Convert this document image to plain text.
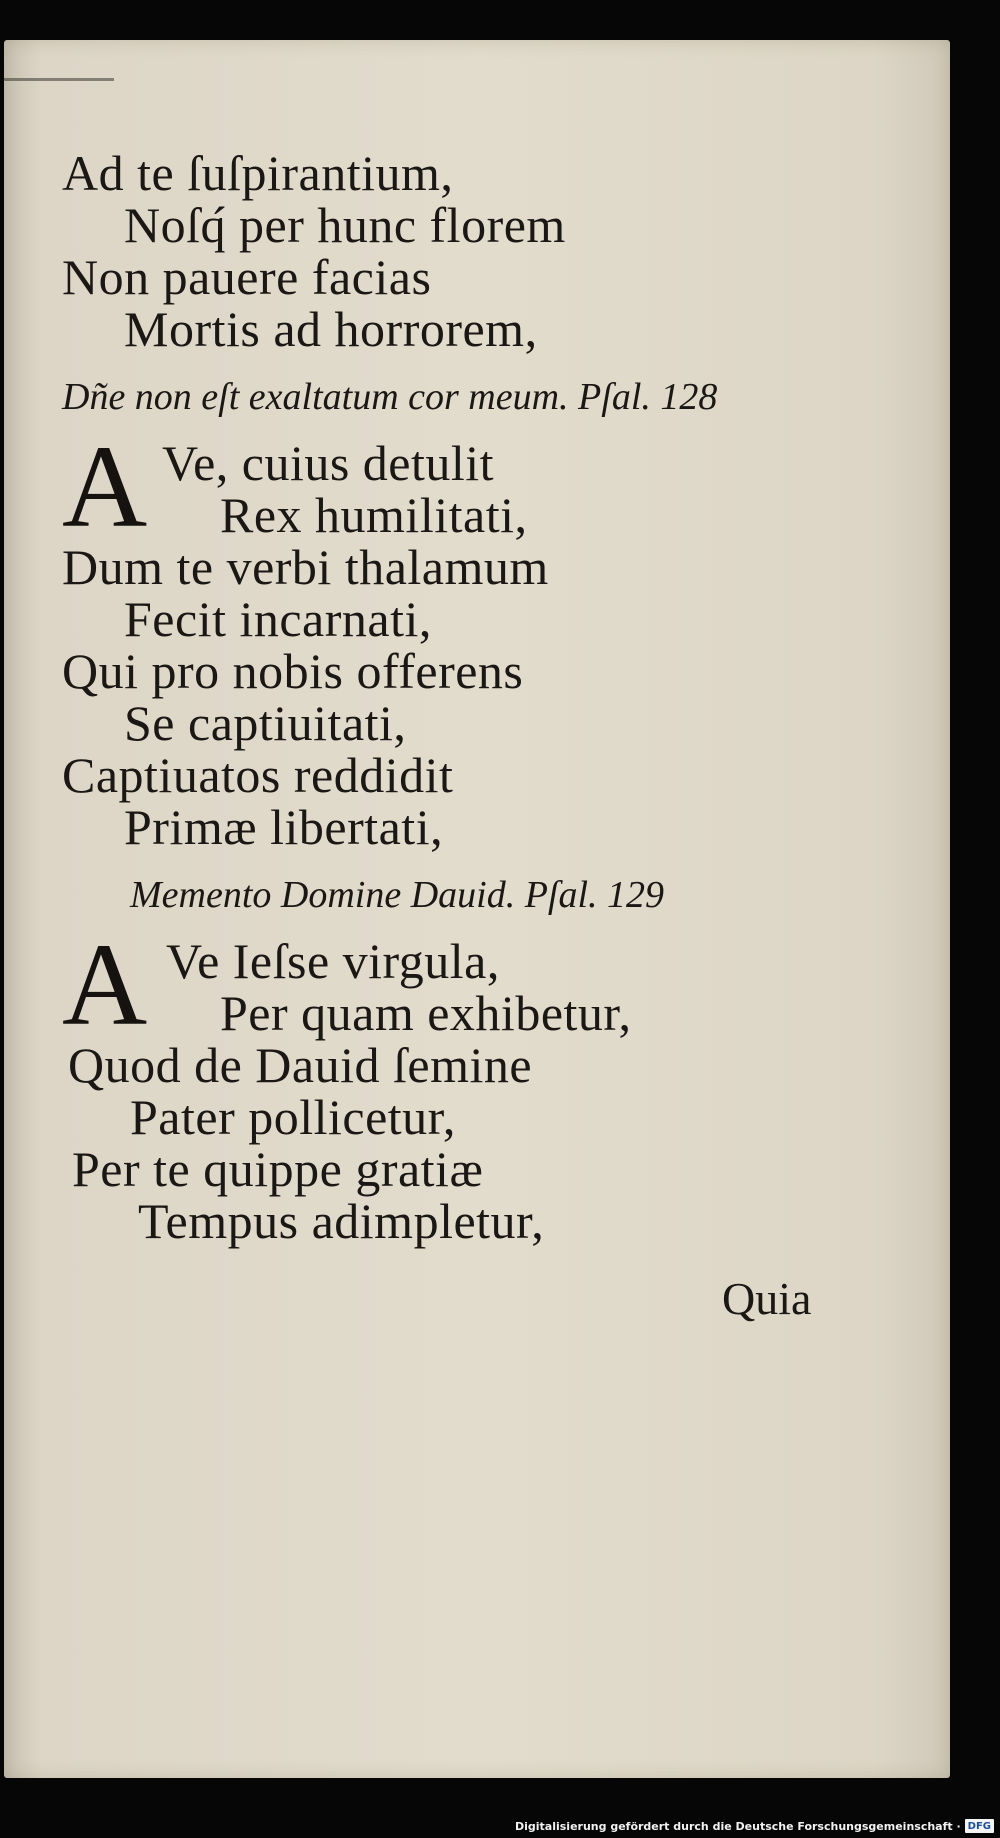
Ad te ſuſpirantium,
Noſq́ per hunc florem
Non pauere facias
Mortis ad horrorem,
Dñe non eſt exaltatum cor meum. Pſal. 128
A Ve, cuius detulit
Rex humilitati,
Dum te verbi thalamum
Fecit incarnati,
Qui pro nobis offerens
Se captiuitati,
Captiuatos reddidit
Primæ libertati,
Memento Domine Dauid. Pſal. 129
A Ve Ieſse virgula,
Per quam exhibetur,
Quod de Dauid ſemine
Pater pollicetur,
Per te quippe gratiæ
Tempus adimpletur,
Quia
Digitalisierung gefördert durch die Deutsche Forschungsgemeinschaft · DFG
